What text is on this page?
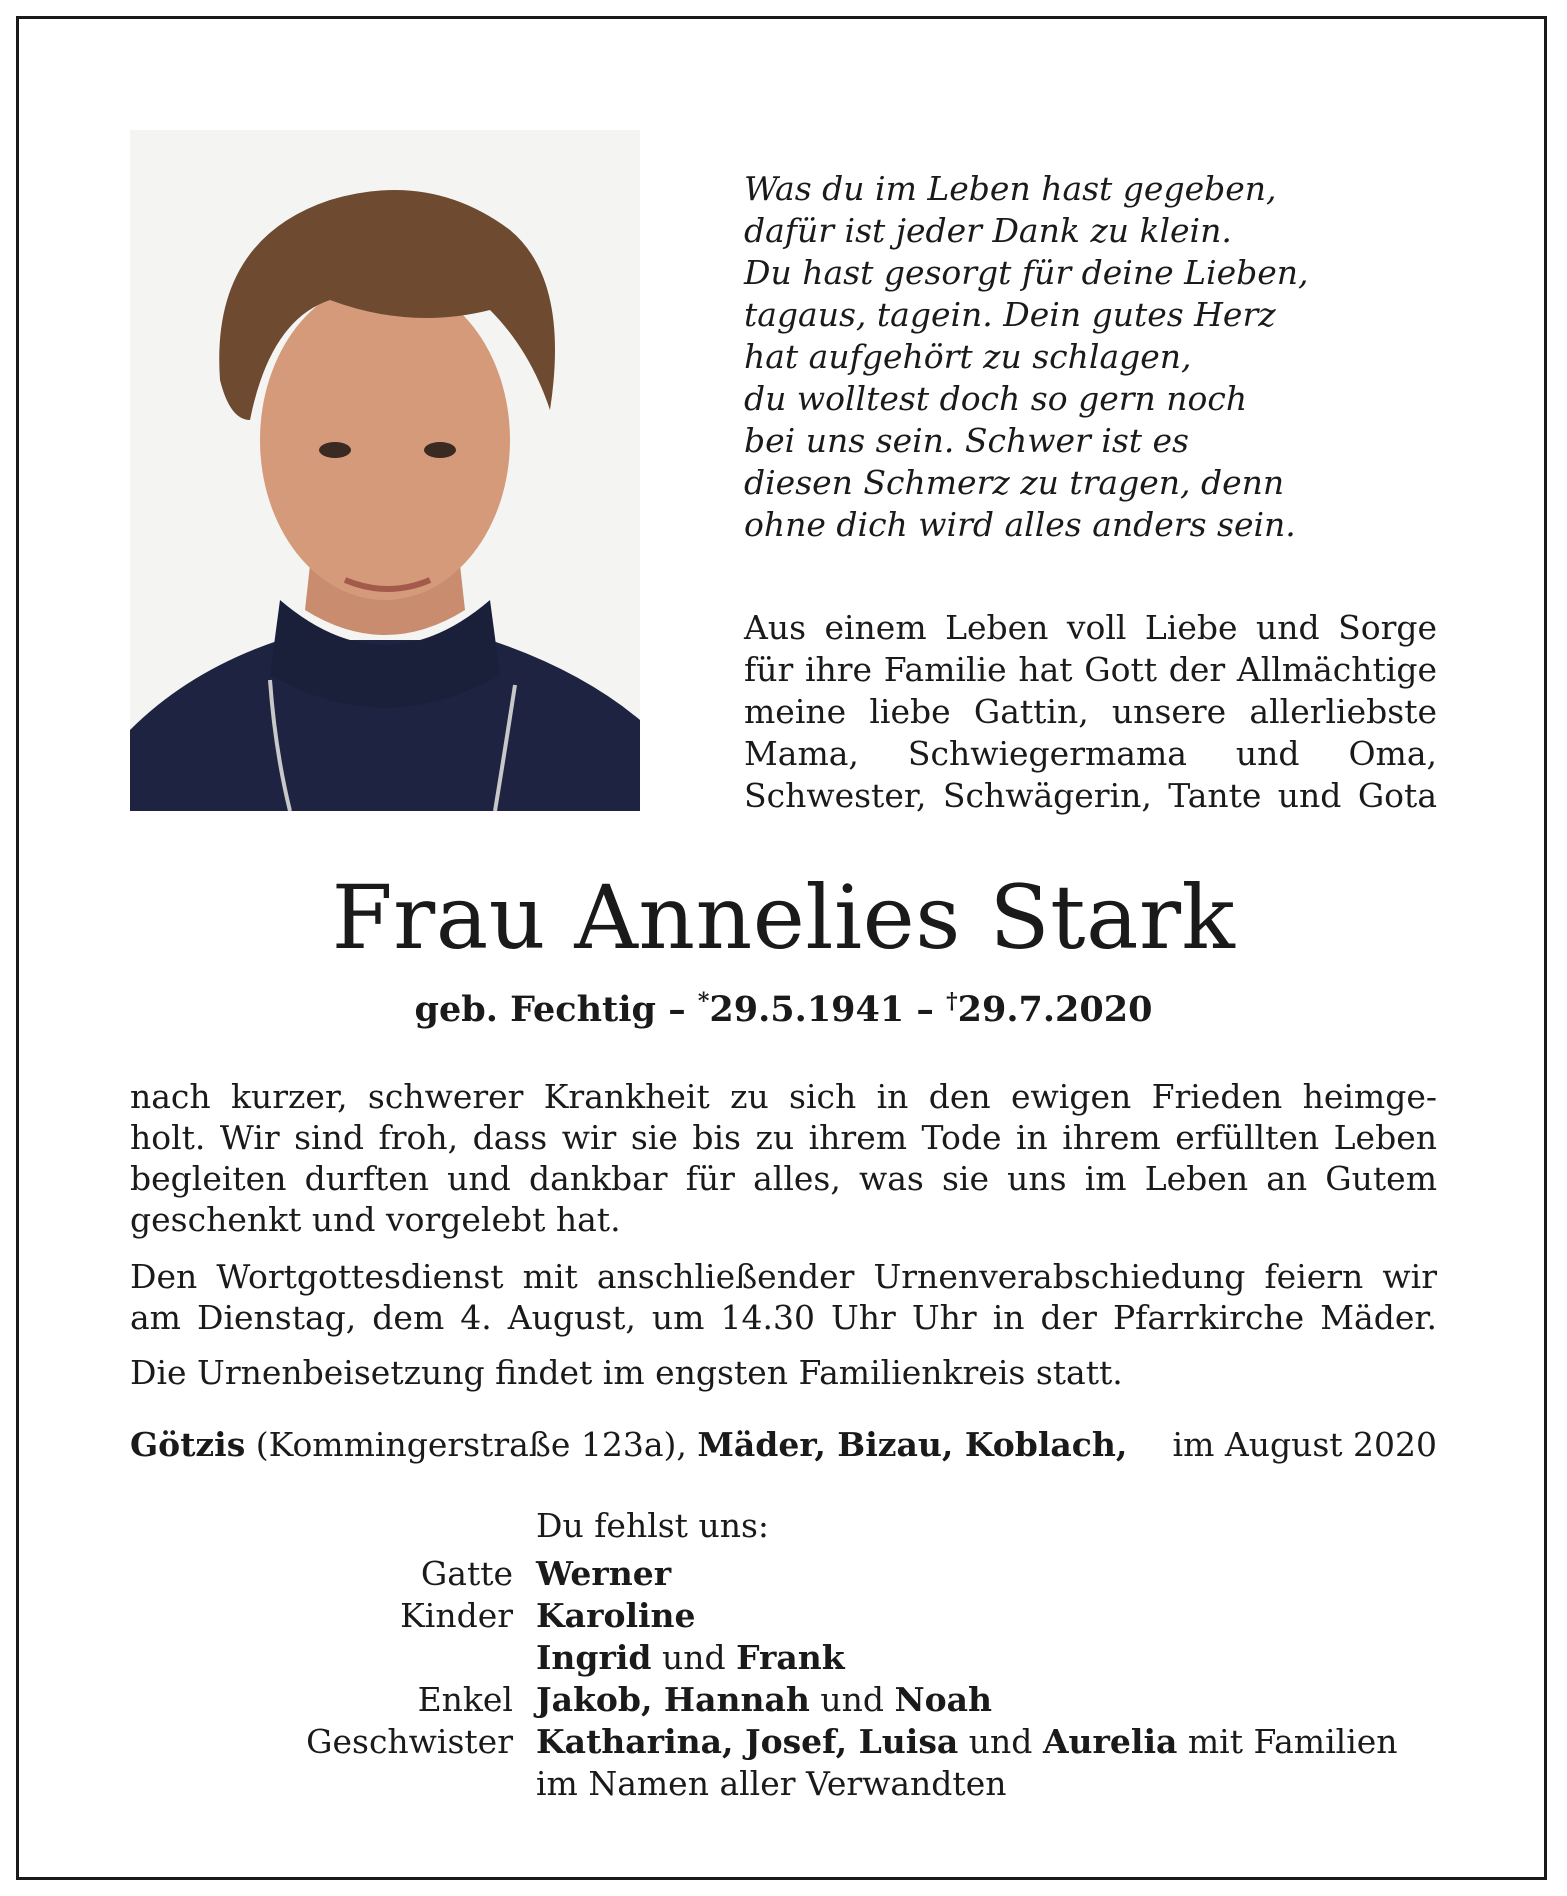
Was du im Leben hast gegeben,
dafür ist jeder Dank zu klein.
Du hast gesorgt für deine Lieben,
tagaus, tagein. Dein gutes Herz
hat aufgehört zu schlagen,
du wolltest doch so gern noch
bei uns sein. Schwer ist es
diesen Schmerz zu tragen, denn
ohne dich wird alles anders sein.
Aus einem Leben voll Liebe und Sorge
für ihre Familie hat Gott der Allmächtige
meine liebe Gattin, unsere allerliebste
Mama, Schwiegermama und Oma,
Schwester, Schwägerin, Tante und Gota
Frau Annelies Stark
geb. Fechtig – *29.5.1941 – †29.7.2020
nach kurzer, schwerer Krankheit zu sich in den ewigen Frieden heimge-
holt. Wir sind froh, dass wir sie bis zu ihrem Tode in ihrem erfüllten Leben
begleiten durften und dankbar für alles, was sie uns im Leben an Gutem
geschenkt und vorgelebt hat.
Den Wortgottesdienst mit anschließender Urnenverabschiedung feiern wir
am Dienstag, dem 4. August, um 14.30 Uhr Uhr in der Pfarrkirche Mäder.
Die Urnenbeisetzung findet im engsten Familienkreis statt.
Götzis (Kommingerstraße 123a), Mäder, Bizau, Koblach, im August 2020
Du fehlst uns:
Gatte Werner
Kinder Karoline
Ingrid und Frank
Enkel Jakob, Hannah und Noah
Geschwister Katharina, Josef, Luisa und Aurelia mit Familien
im Namen aller Verwandten
